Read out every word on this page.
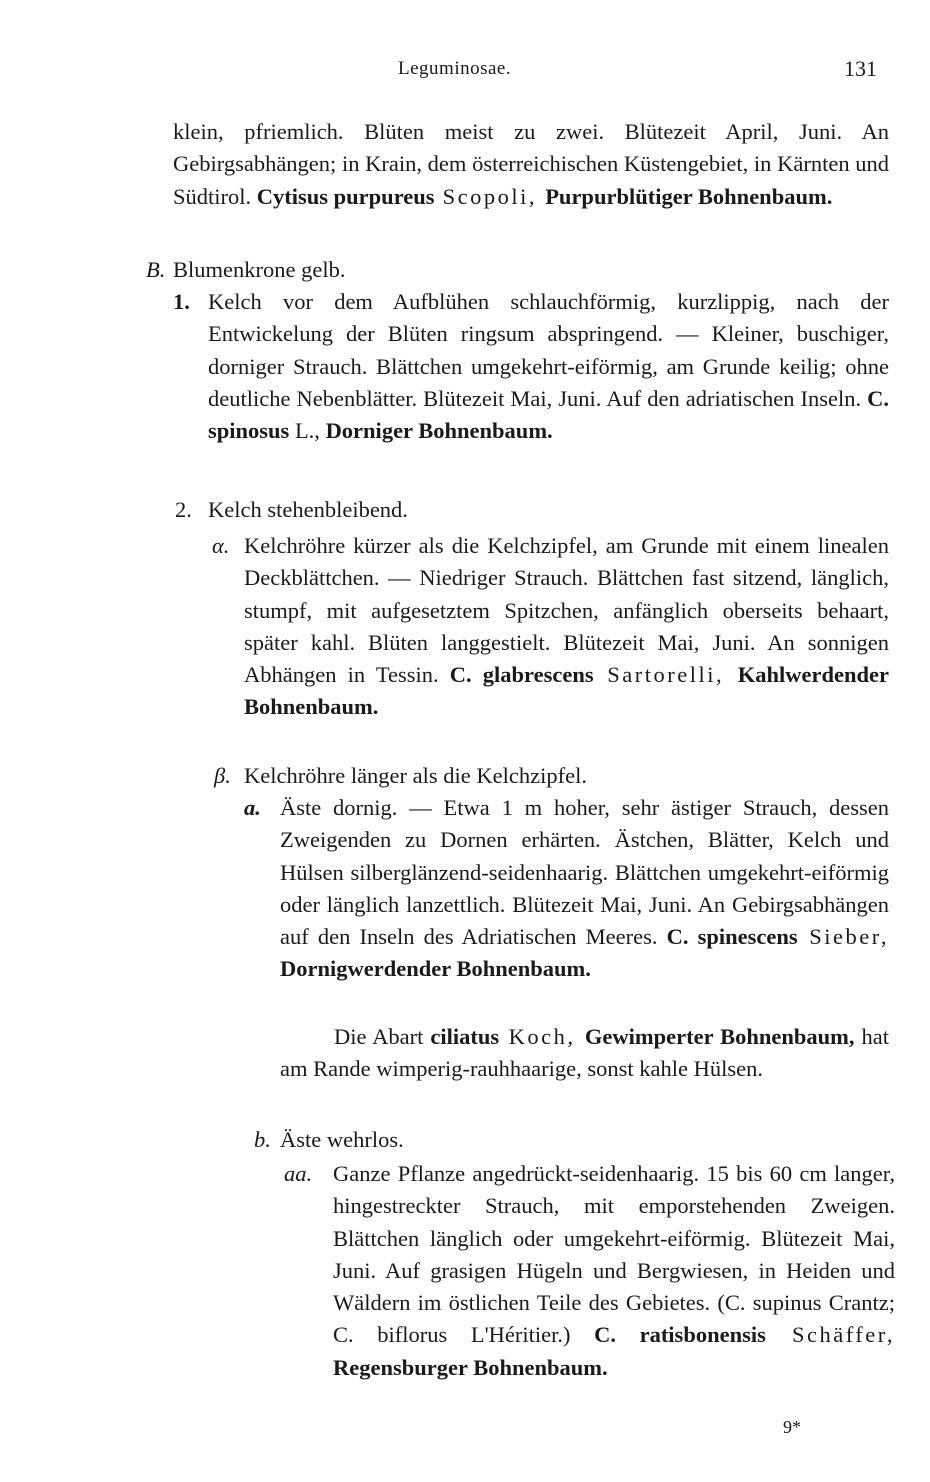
Leguminosae.	131

klein, pfriemlich. Blüten meist zu zwei. Blütezeit April, Juni. An Gebirgsabhängen; in Krain, dem österreichischen Küstengebiet, in Kärnten und Südtirol. Cytisus purpureus Scopoli, Purpurblütiger Bohnenbaum.

B. Blumenkrone gelb.

1. Kelch vor dem Aufblühen schlauchförmig, kurzlippig, nach der Entwickelung der Blüten ringsum abspringend. — Kleiner, buschiger, dorniger Strauch. Blättchen umgekehrt-eiförmig, am Grunde keilig; ohne deutliche Nebenblätter. Blütezeit Mai, Juni. Auf den adriatischen Inseln. C. spinosus L., Dorniger Bohnenbaum.

2. Kelch stehenbleibend.

α. Kelchröhre kürzer als die Kelchzipfel, am Grunde mit einem linealen Deckblättchen. — Niedriger Strauch. Blättchen fast sitzend, länglich, stumpf, mit aufgesetztem Spitzchen, anfänglich oberseits behaart, später kahl. Blüten langgestielt. Blütezeit Mai, Juni. An sonnigen Abhängen in Tessin. C. glabrescens Sartorelli, Kahlwerdender Bohnenbaum.

β. Kelchröhre länger als die Kelchzipfel.

a. Äste dornig. — Etwa 1 m hoher, sehr ästiger Strauch, dessen Zweigenden zu Dornen erhärten. Ästchen, Blätter, Kelch und Hülsen silberglänzend-seidenhaarig. Blättchen umgekehrt-eiförmig oder länglich lanzettlich. Blütezeit Mai, Juni. An Gebirgsabhängen auf den Inseln des Adriatischen Meeres. C. spinescens Sieber, Dornigwerdender Bohnenbaum.

Die Abart ciliatus Koch, Gewimperter Bohnenbaum, hat am Rande wimperig-rauhhaarige, sonst kahle Hülsen.

b. Äste wehrlos.

aa. Ganze Pflanze angedrückt-seidenhaarig. 15 bis 60 cm langer, hingestreckter Strauch, mit emporstehenden Zweigen. Blättchen länglich oder umgekehrt-eiförmig. Blütezeit Mai, Juni. Auf grasigen Hügeln und Bergwiesen, in Heiden und Wäldern im östlichen Teile des Gebietes. (C. supinus Crantz; C. biflorus L'Héritier.) C. ratisbonensis Schäffer, Regensburger Bohnenbaum.

9*
